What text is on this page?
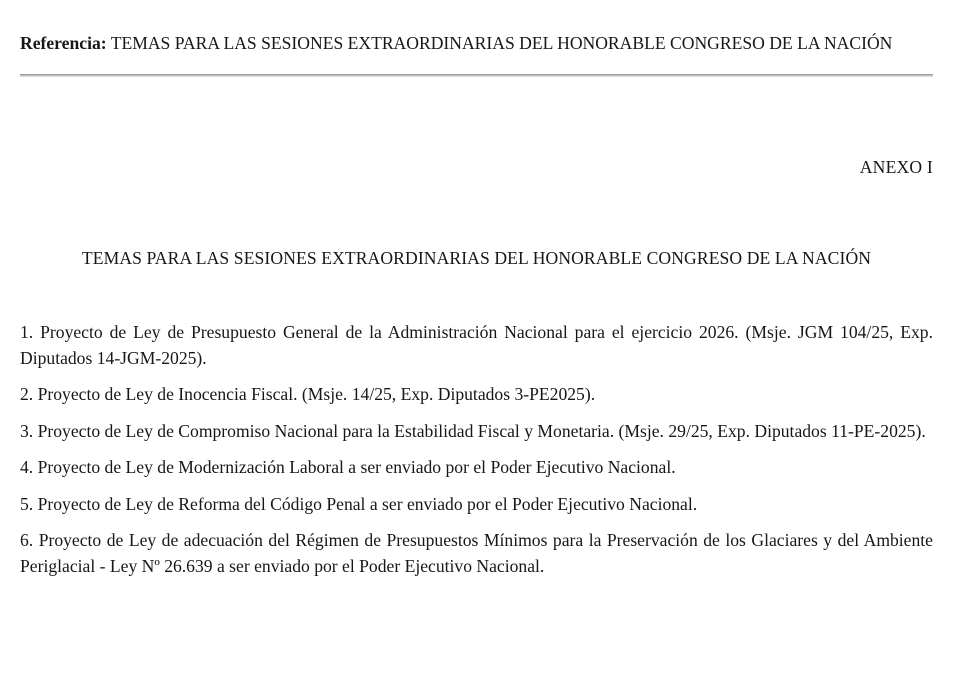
Referencia: TEMAS PARA LAS SESIONES EXTRAORDINARIAS DEL HONORABLE CONGRESO DE LA NACIÓN

ANEXO I

TEMAS PARA LAS SESIONES EXTRAORDINARIAS DEL HONORABLE CONGRESO DE LA NACIÓN

1. Proyecto de Ley de Presupuesto General de la Administración Nacional para el ejercicio 2026. (Msje. JGM 104/25, Exp. Diputados 14-JGM-2025).

2. Proyecto de Ley de Inocencia Fiscal. (Msje. 14/25, Exp. Diputados 3-PE2025).

3. Proyecto de Ley de Compromiso Nacional para la Estabilidad Fiscal y Monetaria. (Msje. 29/25, Exp. Diputados 11-PE-2025).

4. Proyecto de Ley de Modernización Laboral a ser enviado por el Poder Ejecutivo Nacional.

5. Proyecto de Ley de Reforma del Código Penal a ser enviado por el Poder Ejecutivo Nacional.

6. Proyecto de Ley de adecuación del Régimen de Presupuestos Mínimos para la Preservación de los Glaciares y del Ambiente Periglacial - Ley Nº 26.639 a ser enviado por el Poder Ejecutivo Nacional.
